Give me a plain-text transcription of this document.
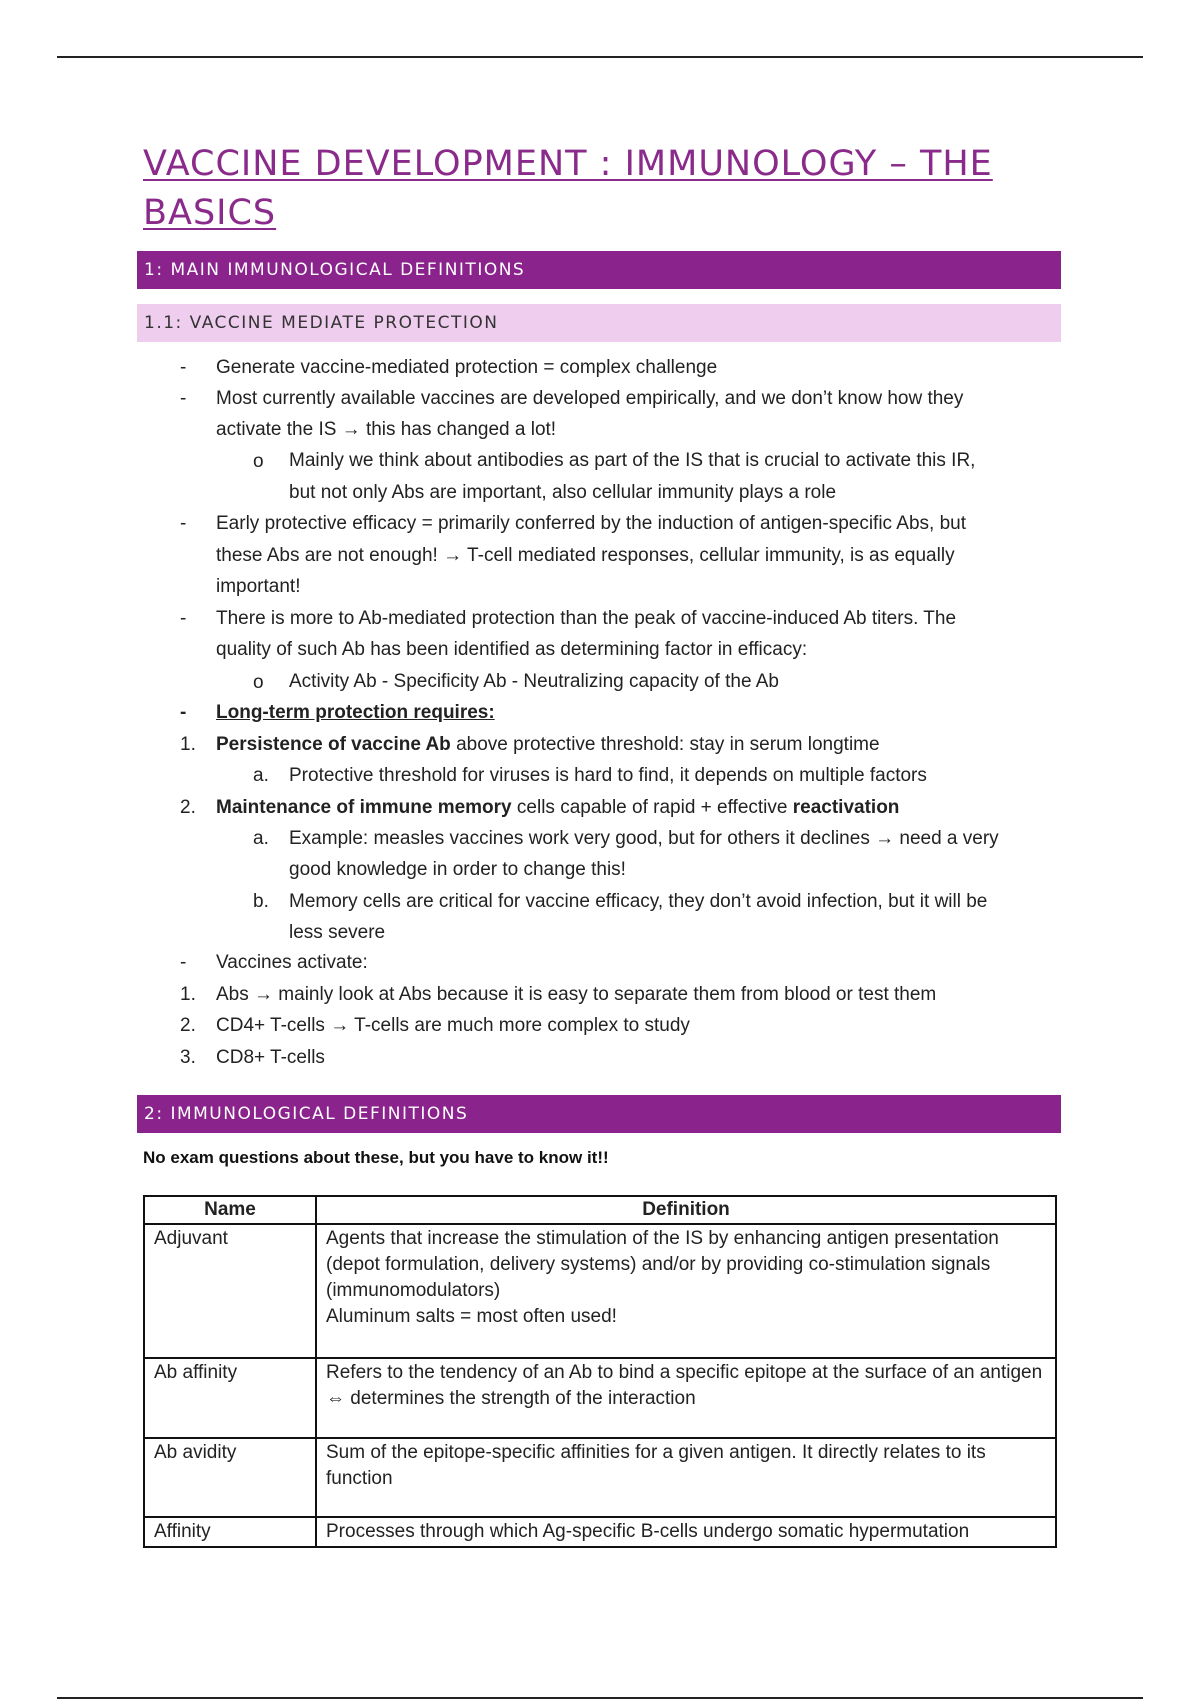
VACCINE DEVELOPMENT : IMMUNOLOGY – THE BASICS
1: MAIN IMMUNOLOGICAL DEFINITIONS
1.1: VACCINE MEDIATE PROTECTION
- Generate vaccine-mediated protection = complex challenge
- Most currently available vaccines are developed empirically, and we don’t know how they
activate the IS → this has changed a lot!
o Mainly we think about antibodies as part of the IS that is crucial to activate this IR,
but not only Abs are important, also cellular immunity plays a role
- Early protective efficacy = primarily conferred by the induction of antigen-specific Abs, but
these Abs are not enough! → T-cell mediated responses, cellular immunity, is as equally
important!
- There is more to Ab-mediated protection than the peak of vaccine-induced Ab titers. The
quality of such Ab has been identified as determining factor in efficacy:
o Activity Ab - Specificity Ab - Neutralizing capacity of the Ab
- Long-term protection requires:
1. Persistence of vaccine Ab above protective threshold: stay in serum longtime
a. Protective threshold for viruses is hard to find, it depends on multiple factors
2. Maintenance of immune memory cells capable of rapid + effective reactivation
a. Example: measles vaccines work very good, but for others it declines → need a very
good knowledge in order to change this!
b. Memory cells are critical for vaccine efficacy, they don’t avoid infection, but it will be
less severe
- Vaccines activate:
1. Abs → mainly look at Abs because it is easy to separate them from blood or test them
2. CD4+ T-cells → T-cells are much more complex to study
3. CD8+ T-cells
2: IMMUNOLOGICAL DEFINITIONS
No exam questions about these, but you have to know it!!
Name	Definition
Adjuvant	Agents that increase the stimulation of the IS by enhancing antigen presentation (depot formulation, delivery systems) and/or by providing co-stimulation signals (immunomodulators)
Aluminum salts = most often used!

Ab affinity	Refers to the tendency of an Ab to bind a specific epitope at the surface of an antigen ⇔ determines the strength of the interaction

Ab avidity	Sum of the epitope-specific affinities for a given antigen. It directly relates to its function

Affinity	Processes through which Ag-specific B-cells undergo somatic hypermutation
